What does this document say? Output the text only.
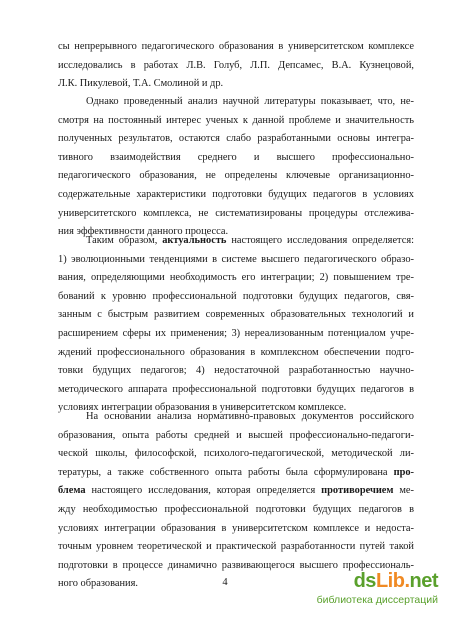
сы непрерывного педагогического образования в университетском комплексе
исследовались в работах Л.В. Голуб, Л.П. Депсамес, В.А. Кузнецовой,
Л.К. Пикулевой, Т.А. Смолиной и др.
Однако проведенный анализ научной литературы показывает, что, не-
смотря на постоянный интерес ученых к данной проблеме и значительность
полученных результатов, остаются слабо разработанными основы интегра-
тивного взаимодействия среднего и высшего профессионально-
педагогического образования, не определены ключевые организационно-
содержательные характеристики подготовки будущих педагогов в условиях
университетского комплекса, не систематизированы процедуры отслежива-
ния эффективности данного процесса.
Таким образом, актуальность настоящего исследования определяется:
1) эволюционными тенденциями в системе высшего педагогического образо-
вания, определяющими необходимость его интеграции; 2) повышением тре-
бований к уровню профессиональной подготовки будущих педагогов, свя-
занным с быстрым развитием современных образовательных технологий и
расширением сферы их применения; 3) нереализованным потенциалом учре-
ждений профессионального образования в комплексном обеспечении подго-
товки будущих педагогов; 4) недостаточной разработанностью научно-
методического аппарата профессиональной подготовки будущих педагогов в
условиях интеграции образования в университетском комплексе.
На основании анализа нормативно-правовых документов российского
образования, опыта работы средней и высшей профессионально-педагоги-
ческой школы, философской, психолого-педагогической, методической ли-
тературы, а также собственного опыта работы была сформулирована про-
блема настоящего исследования, которая определяется противоречием ме-
жду необходимостью профессиональной подготовки будущих педагогов в
условиях интеграции образования в университетском комплексе и недоста-
точным уровнем теоретической и практической разработанности путей такой
подготовки в процессе динамично развивающегося высшего профессиональ-
ного образования.	4	dsLib.net
библиотека диссертаций
